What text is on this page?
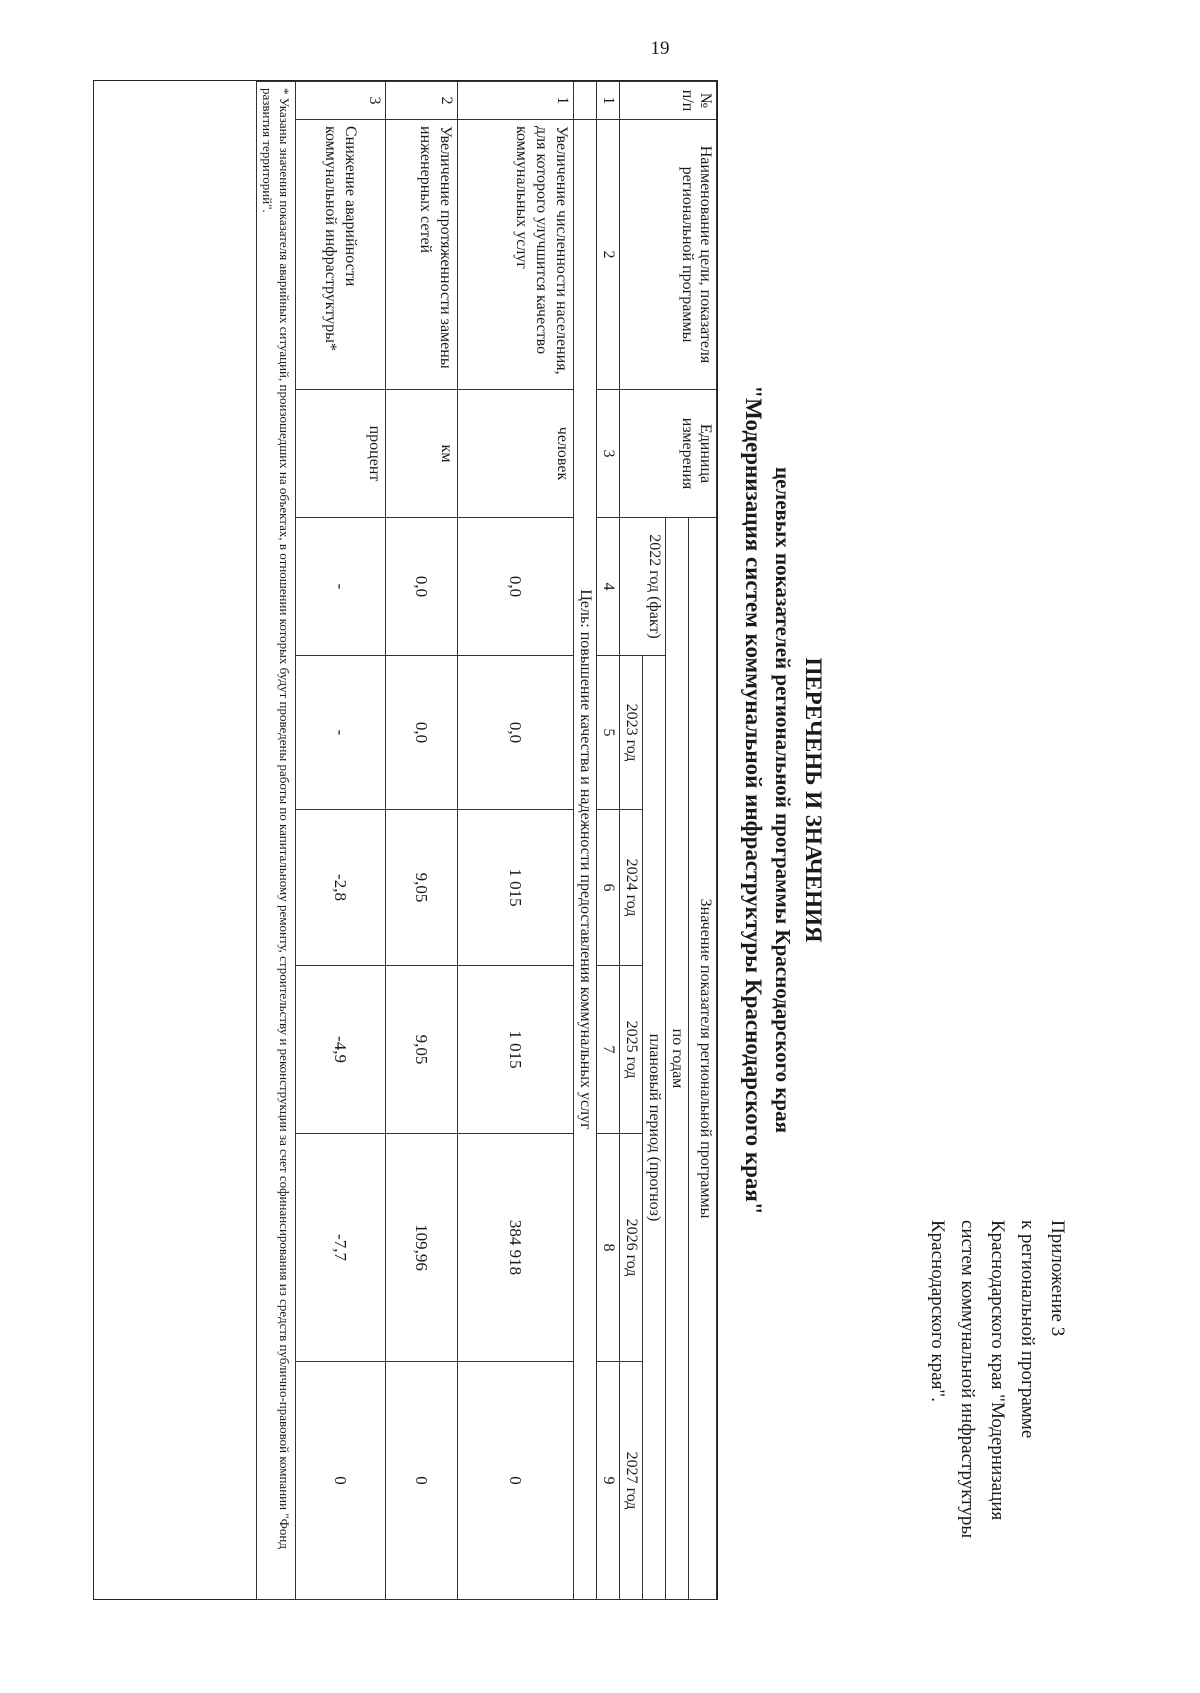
19
Приложение 3
к региональной программе
Краснодарского края "Модернизация
систем коммунальной инфраструктуры
Краснодарского края".
ПЕРЕЧЕНЬ И ЗНАЧЕНИЯ
целевых показателей региональной программы Краснодарского края
"Модернизация систем коммунальной инфраструктуры Краснодарского края"
№ п/п	Наименование цели, показателя региональной программы	Единица измерения	Значение показателя региональной программы					
			по годам					
			2022 год (факт)	плановый период (прогноз)				
				2023 год	2024 год	2025 год	2026 год	2027 год
1	2	3	4	5	6	7	8	9
	Цель: повышение качества и надежности предоставления коммунальных услуг							
1	Увеличение численности населения, для которого улучшится качество коммунальных услуг	человек	0,0	0,0	1 015	1 015	384 918	0
2	Увеличение протяженности замены инженерных сетей	км	0,0	0,0	9,05	9,05	109,96	0
3	Снижение аварийности коммунальной инфраструктуры*	процент	-	-	-2,8	-4,9	-7,7	0
* Указаны значения показателя аварийных ситуаций, произошедших на объектах, в отношении которых будут проведены работы по капитальному ремонту, строительству и реконструкции за счет софинансирования из средств публично-правовой компании "Фонд развития территорий".								
